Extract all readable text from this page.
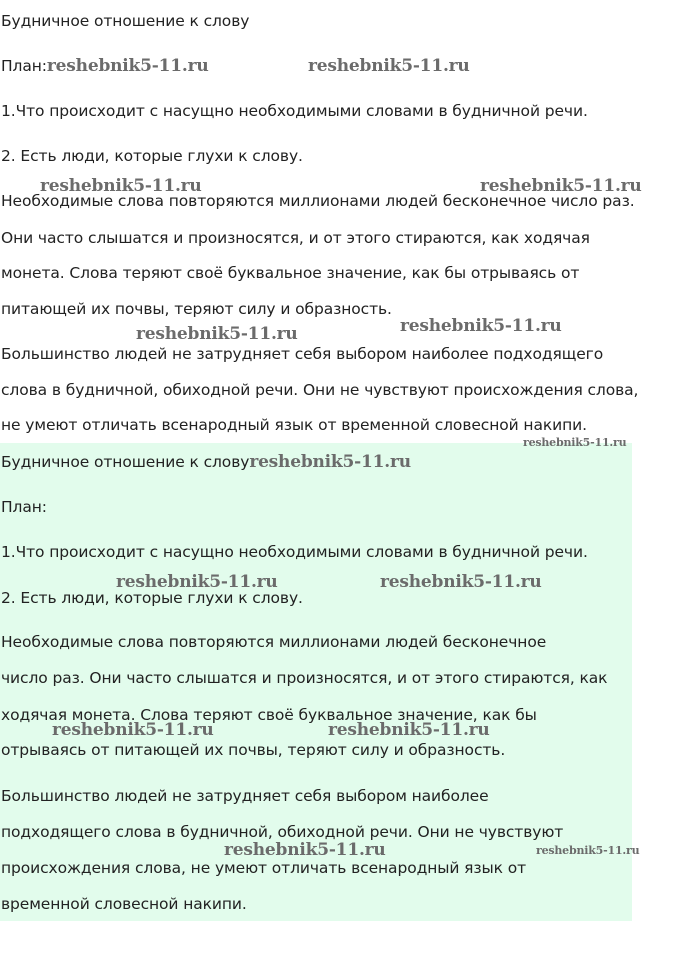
Будничное отношение к слову
План:reshebnik5-11.ru
1.Что происходит с насущно необходимыми словами в будничной речи.
2. Есть люди, которые глухи к слову.
Необходимые слова повторяются миллионами людей бесконечное число раз.
Они часто слышатся и произносятся, и от этого стираются, как ходячая
монета. Слова теряют своё буквальное значение, как бы отрываясь от
питающей их почвы, теряют силу и образность.
Большинство людей не затрудняет себя выбором наиболее подходящего
слова в будничной, обиходной речи. Они не чувствуют происхождения слова,
не умеют отличать всенародный язык от временной словесной накипи.
Будничное отношение к словуreshebnik5-11.ru
План:
1.Что происходит с насущно необходимыми словами в будничной речи.
2. Есть люди, которые глухи к слову.
Необходимые слова повторяются миллионами людей бесконечное
число раз. Они часто слышатся и произносятся, и от этого стираются, как
ходячая монета. Слова теряют своё буквальное значение, как бы
отрываясь от питающей их почвы, теряют силу и образность.
Большинство людей не затрудняет себя выбором наиболее
подходящего слова в будничной, обиходной речи. Они не чувствуют
происхождения слова, не умеют отличать всенародный язык от
временной словесной накипи.
reshebnik5-11.ru
reshebnik5-11.ru	reshebnik5-11.ru
reshebnik5-11.ru	reshebnik5-11.ru
reshebnik5-11.ru
reshebnik5-11.ru	reshebnik5-11.ru
reshebnik5-11.ru	reshebnik5-11.ru
reshebnik5-11.ru	reshebnik5-11.ru
